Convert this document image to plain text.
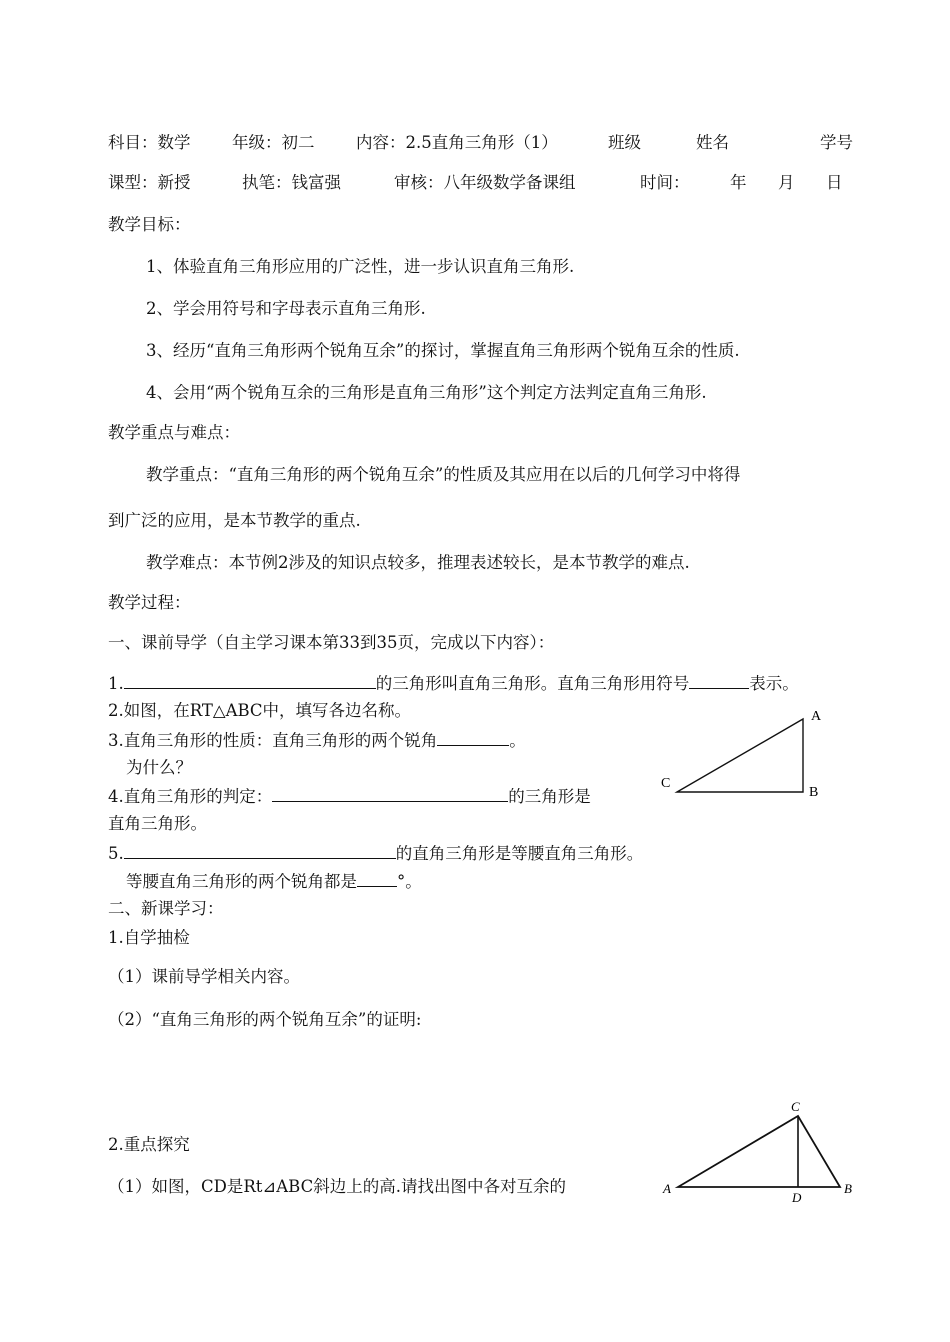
科目：数学	年级：初二	内容：2.5直角三角形（1）	班级	姓名	学号
课型：新授	执笔：钱富强	审核：八年级数学备课组	时间： 年 月 日
教学目标：
1、体验直角三角形应用的广泛性，进一步认识直角三角形.
2、学会用符号和字母表示直角三角形.
3、经历“直角三角形两个锐角互余”的探讨，掌握直角三角形两个锐角互余的性质.
4、会用“两个锐角互余的三角形是直角三角形”这个判定方法判定直角三角形.
教学重点与难点：
教学重点：“直角三角形的两个锐角互余”的性质及其应用在以后的几何学习中将得
到广泛的应用，是本节教学的重点.
教学难点：本节例2涉及的知识点较多，推理表述较长，是本节教学的难点.
教学过程：
一、课前导学（自主学习课本第33到35页，完成以下内容）：
1.	的三角形叫直角三角形。直角三角形用符号	表示。
2.如图，在RT△ABC中，填写各边名称。
3.直角三角形的性质：直角三角形的两个锐角	。
为什么？
4.直角三角形的判定：	的三角形是
直角三角形。
5.	的直角三角形是等腰直角三角形。
等腰直角三角形的两个锐角都是 °。
二、新课学习：
1.自学抽检
（1）课前导学相关内容。
（2）“直角三角形的两个锐角互余”的证明:
2.重点探究
（1）如图，CD是Rt⊿ABC斜边上的高.请找出图中各对互余的
A
B
C
C
A
D
B
